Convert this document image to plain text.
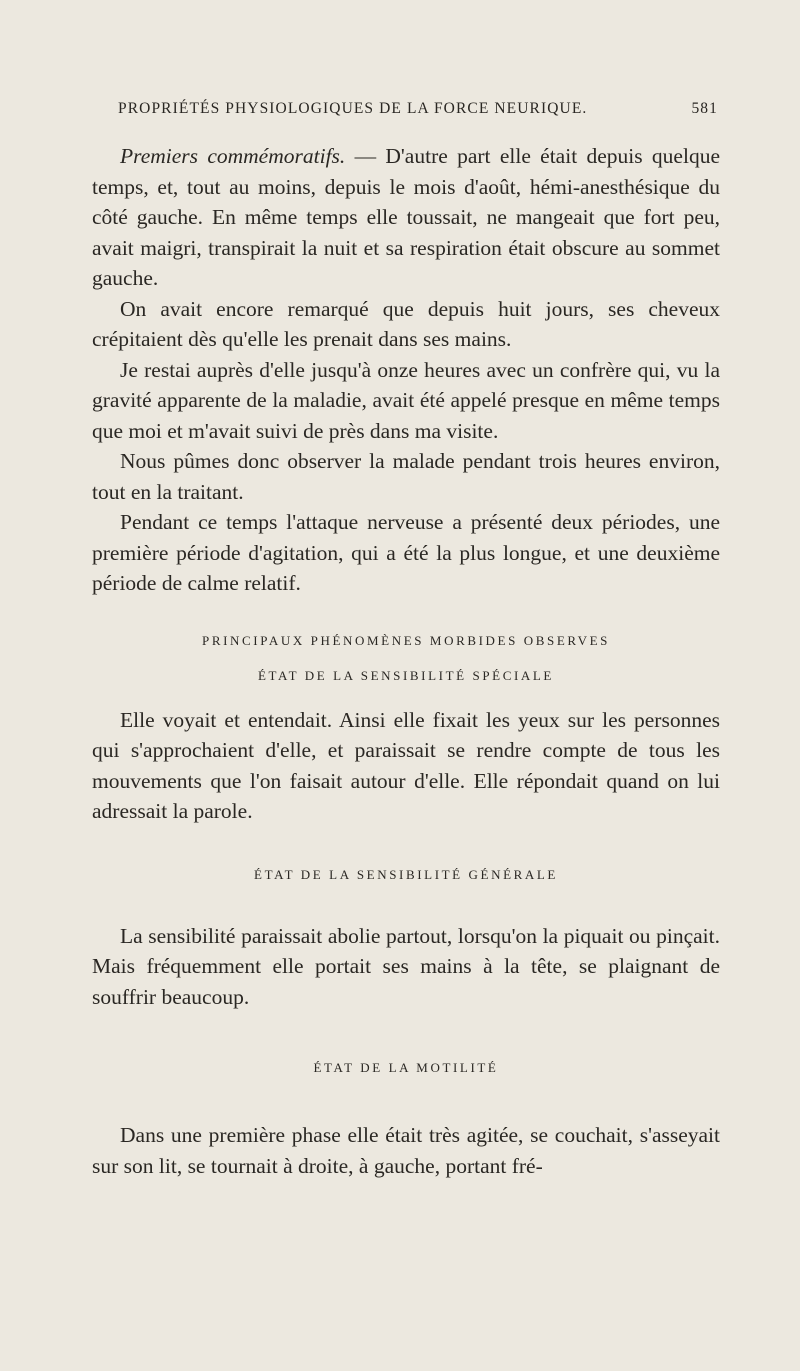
PROPRIÉTÉS PHYSIOLOGIQUES DE LA FORCE NEURIQUE.	581

Premiers commémoratifs. — D'autre part elle était depuis quelque temps, et, tout au moins, depuis le mois d'août, hémi-anesthésique du côté gauche. En même temps elle toussait, ne mangeait que fort peu, avait maigri, transpirait la nuit et sa respiration était obscure au sommet gauche.

On avait encore remarqué que depuis huit jours, ses cheveux crépitaient dès qu'elle les prenait dans ses mains.

Je restai auprès d'elle jusqu'à onze heures avec un confrère qui, vu la gravité apparente de la maladie, avait été appelé presque en même temps que moi et m'avait suivi de près dans ma visite.

Nous pûmes donc observer la malade pendant trois heures environ, tout en la traitant.

Pendant ce temps l'attaque nerveuse a présenté deux périodes, une première période d'agitation, qui a été la plus longue, et une deuxième période de calme relatif.

PRINCIPAUX PHÉNOMÈNES MORBIDES OBSERVES

ÉTAT DE LA SENSIBILITÉ SPÉCIALE

Elle voyait et entendait. Ainsi elle fixait les yeux sur les personnes qui s'approchaient d'elle, et paraissait se rendre compte de tous les mouvements que l'on faisait autour d'elle. Elle répondait quand on lui adressait la parole.

ÉTAT DE LA SENSIBILITÉ GÉNÉRALE

La sensibilité paraissait abolie partout, lorsqu'on la piquait ou pinçait. Mais fréquemment elle portait ses mains à la tête, se plaignant de souffrir beaucoup.

ÉTAT DE LA MOTILITÉ

Dans une première phase elle était très agitée, se couchait, s'asseyait sur son lit, se tournait à droite, à gauche, portant fré-
